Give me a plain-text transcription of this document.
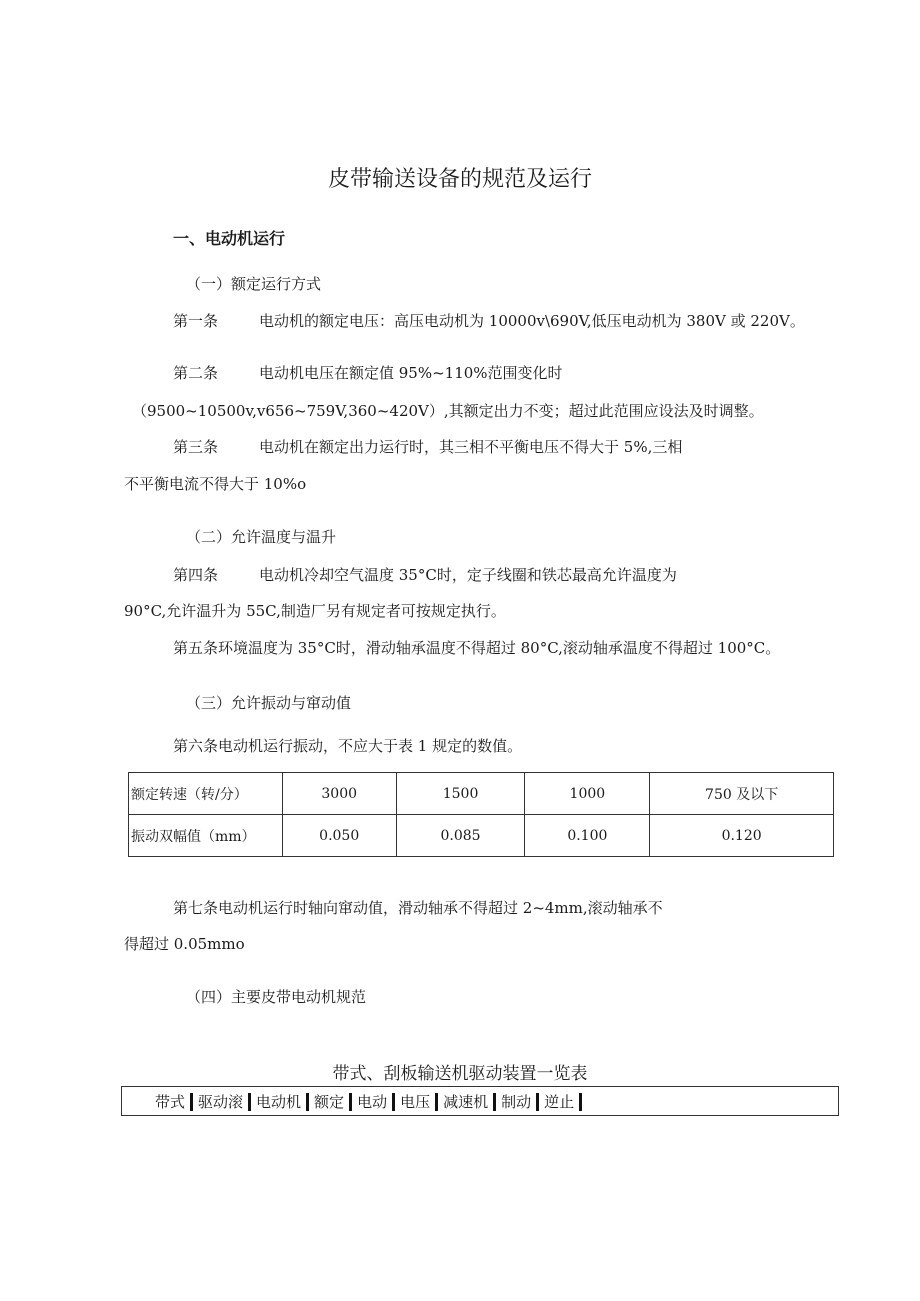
皮带输送设备的规范及运行
一、电动机运行
（一）额定运行方式
第一条	电动机的额定电压：高压电动机为 10000v\690V,低压电动机为 380V 或 220V。
第二条	电动机电压在额定值 95%~110%范围变化时
（9500~10500v,v656~759V,360~420V）,其额定出力不变；超过此范围应设法及时调整。
第三条	电动机在额定出力运行时，其三相不平衡电压不得大于 5%,三相
不平衡电流不得大于 10%o
（二）允许温度与温升
第四条	电动机冷却空气温度 35°C时，定子线圈和铁芯最高允许温度为
90°C,允许温升为 55C,制造厂另有规定者可按规定执行。
第五条环境温度为 35°C时，滑动轴承温度不得超过 80°C,滚动轴承温度不得超过 100°C。
（三）允许振动与窜动值
第六条电动机运行振动，不应大于表 1 规定的数值。
额定转速（转/分）	3000	1500	1000	750 及以下
振动双幅值（mm）	0.050	0.085	0.100	0.120
第七条电动机运行时轴向窜动值，滑动轴承不得超过 2~4mm,滚动轴承不
得超过 0.05mmo
（四）主要皮带电动机规范
带式、刮板输送机驱动装置一览表
带式 驱动滚 电动机 额定 电动 电压 减速机 制动 逆止
